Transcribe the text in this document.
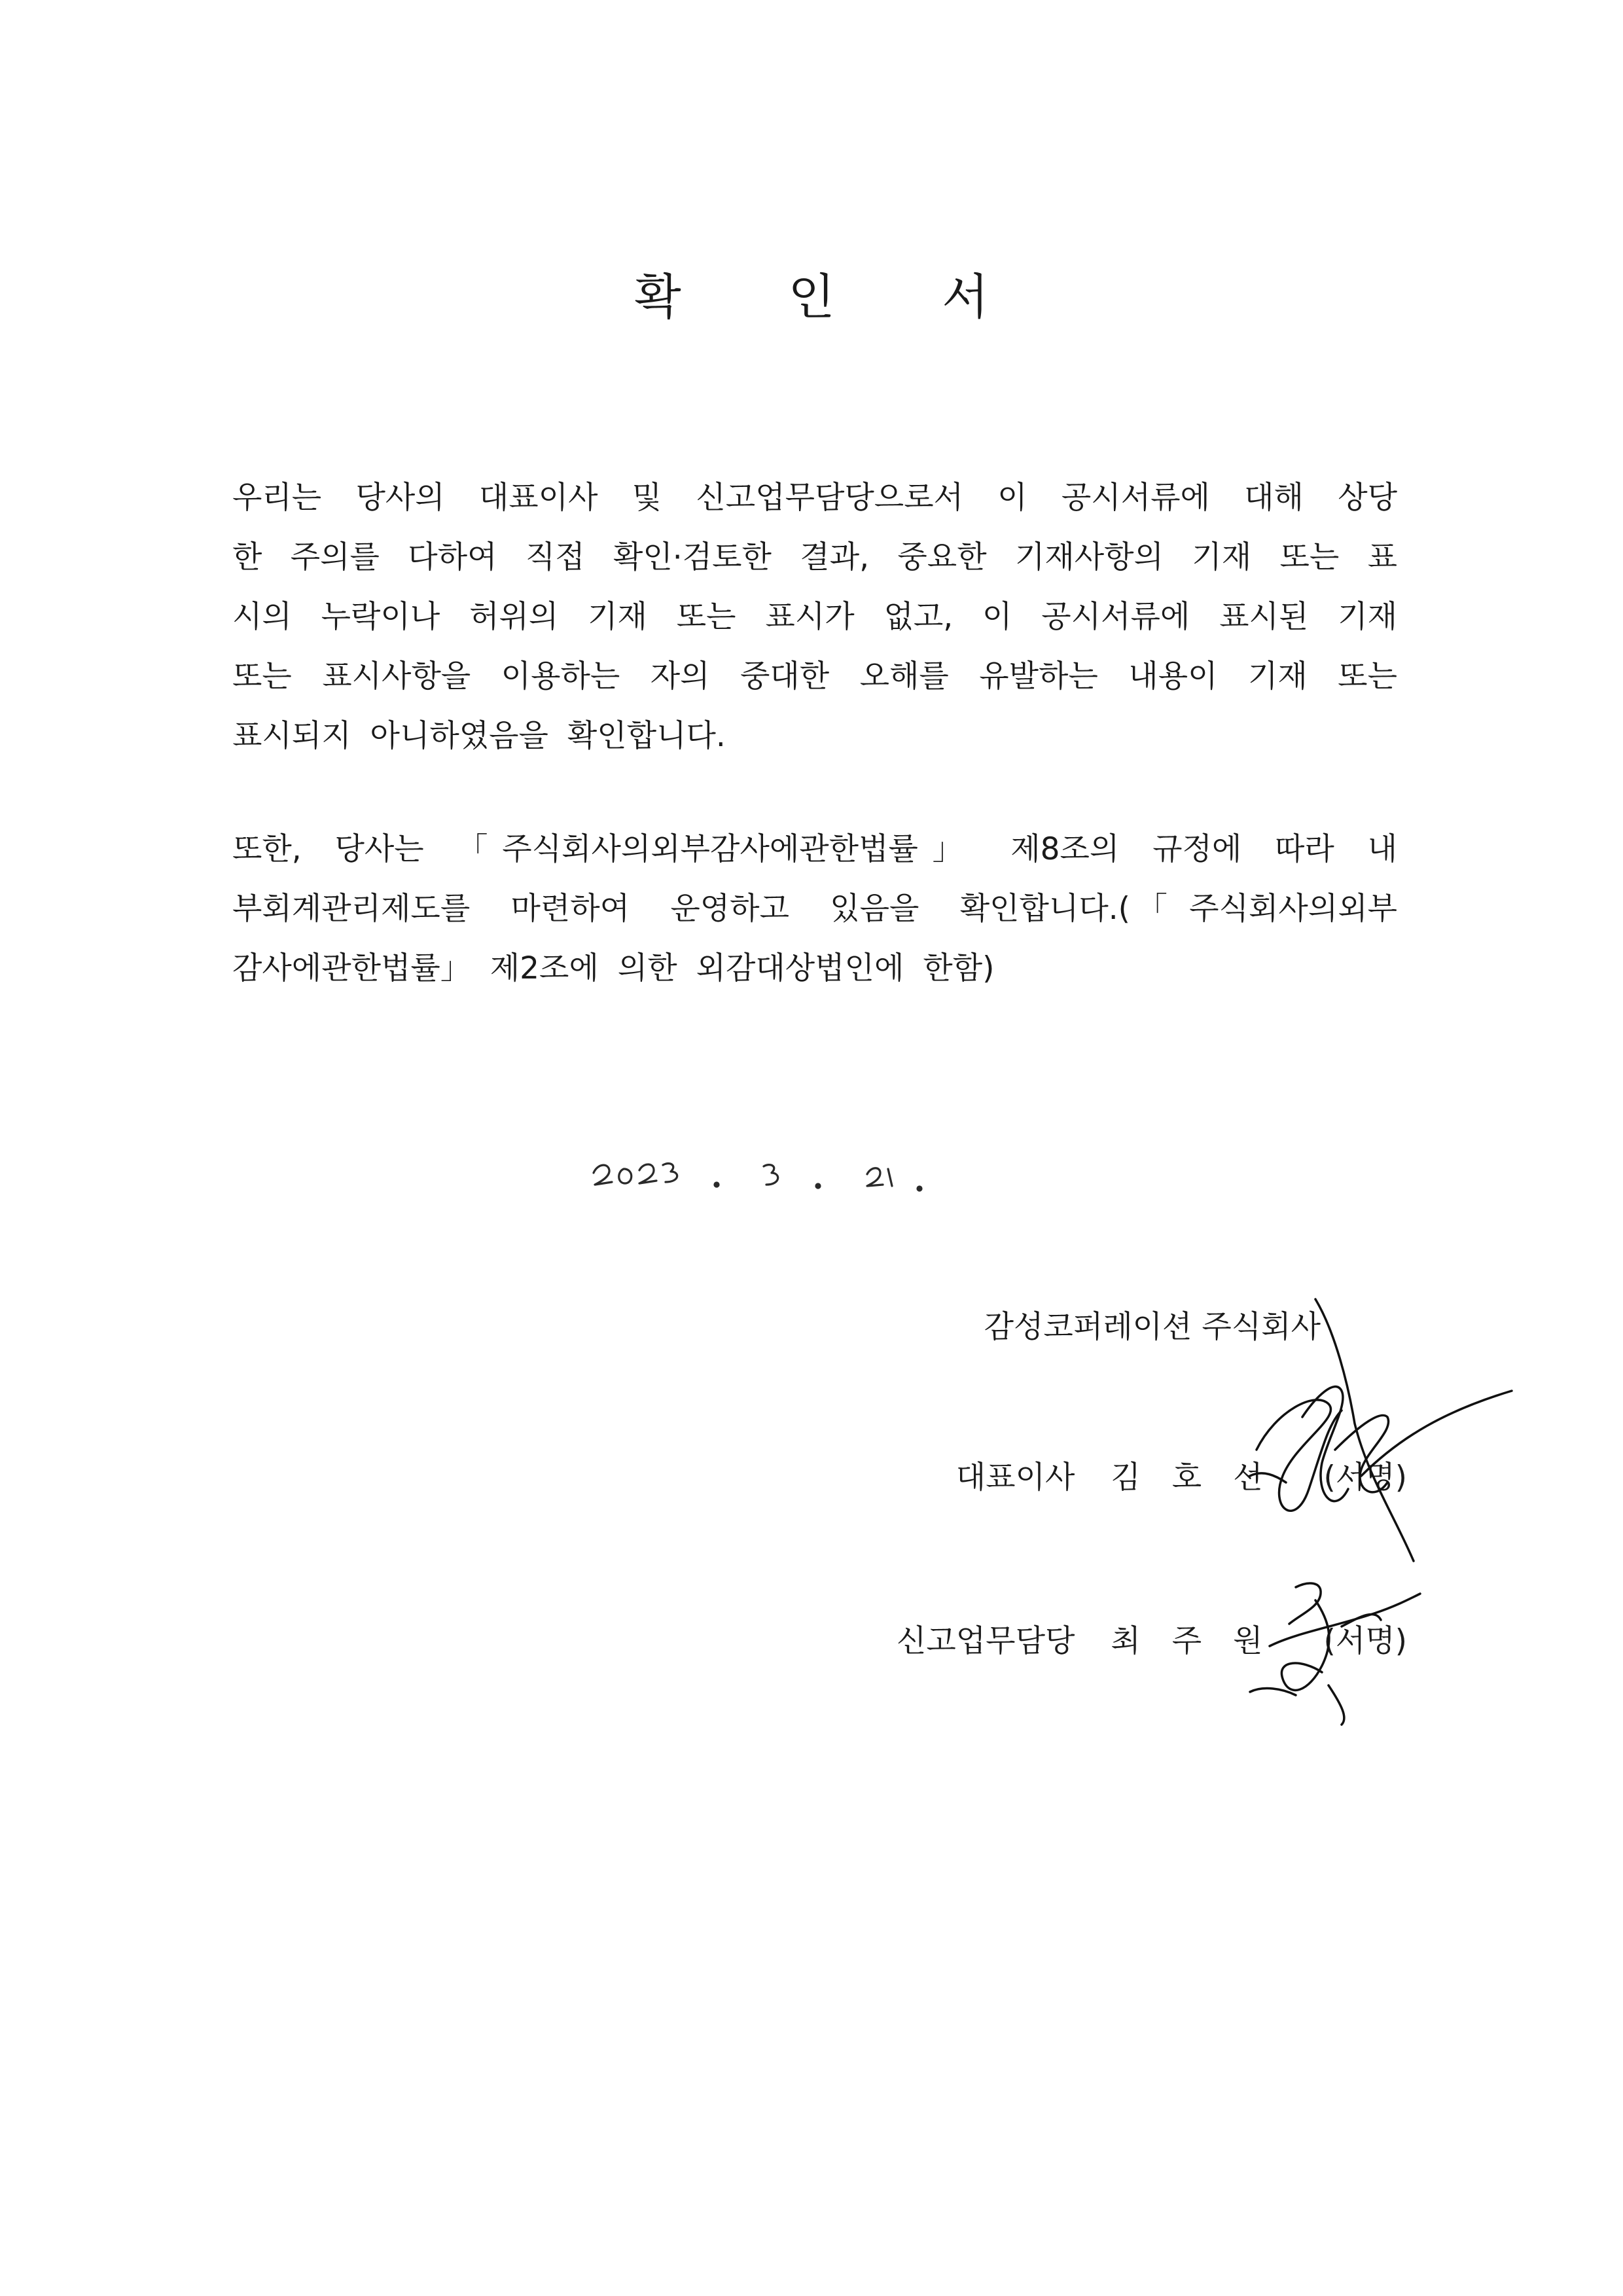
확 인 서
우리는 당사의 대표이사 및 신고업무담당으로서 이 공시서류에 대해 상당
한 주의를 다하여 직접 확인·검토한 결과, 중요한 기재사항의 기재 또는 표
시의 누락이나 허위의 기재 또는 표시가 없고, 이 공시서류에 표시된 기재
또는 표시사항을 이용하는 자의 중대한 오해를 유발하는 내용이 기재 또는
표시되지 아니하였음을 확인합니다.
또한, 당사는 「주식회사의외부감사에관한법률」 제8조의 규정에 따라 내
부회계관리제도를 마련하여 운영하고 있음을 확인합니다.(「주식회사의외부
감사에관한법률」 제2조에 의한 외감대상법인에 한함)
감성코퍼레이션 주식회사
대표이사 김호선 (서명)
신고업무담당 최주원 (서명)
